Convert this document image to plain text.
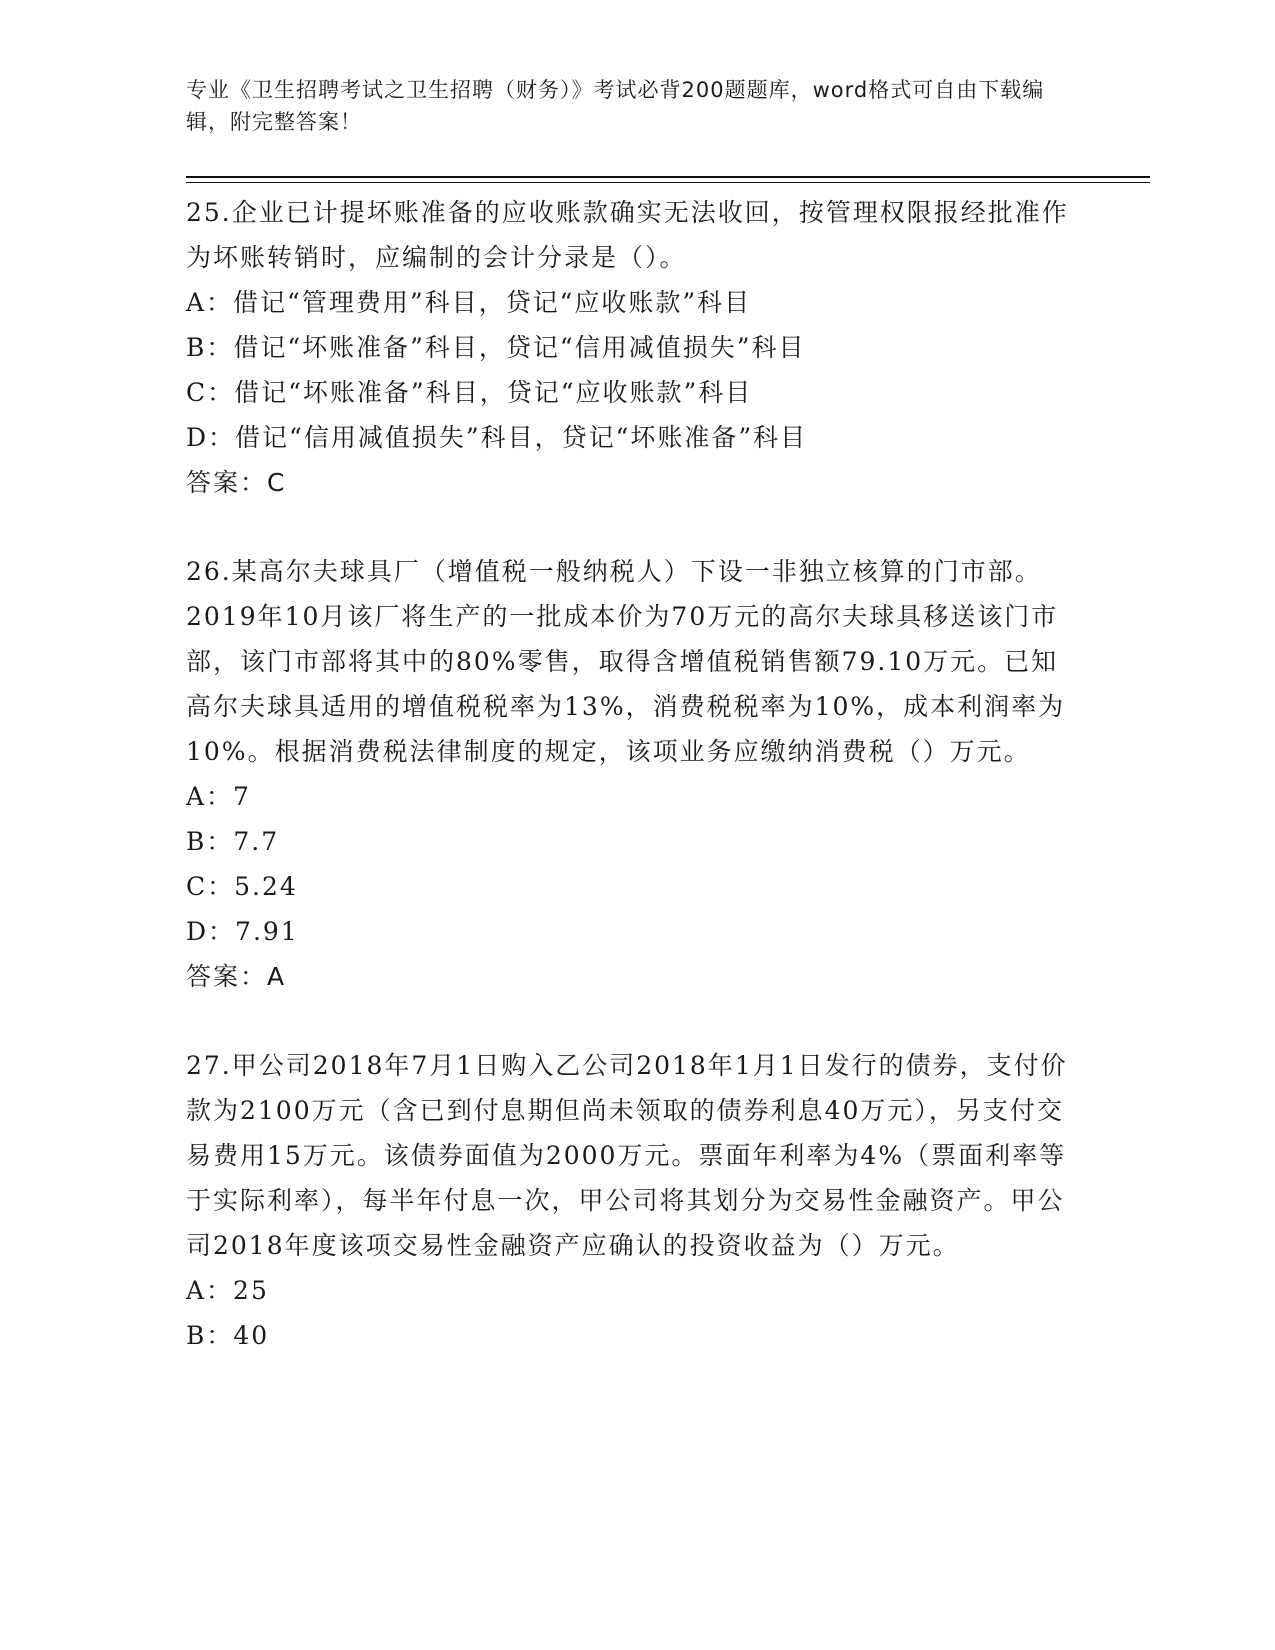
专业《卫生招聘考试之卫生招聘（财务）》考试必背200题题库，word格式可自由下载编辑，附完整答案！

25.企业已计提坏账准备的应收账款确实无法收回，按管理权限报经批准作为坏账转销时，应编制的会计分录是（）。

A：借记“管理费用”科目，贷记“应收账款”科目

B：借记“坏账准备”科目，贷记“信用减值损失”科目

C：借记“坏账准备”科目，贷记“应收账款”科目

D：借记“信用减值损失”科目，贷记“坏账准备”科目

答案：C

26.某高尔夫球具厂（增值税一般纳税人）下设一非独立核算的门市部。2019年10月该厂将生产的一批成本价为70万元的高尔夫球具移送该门市部，该门市部将其中的80%零售，取得含增值税销售额79.10万元。已知高尔夫球具适用的增值税税率为13%，消费税税率为10%，成本利润率为10%。根据消费税法律制度的规定，该项业务应缴纳消费税（）万元。

A：7

B：7.7

C：5.24

D：7.91

答案：A

27.甲公司2018年7月1日购入乙公司2018年1月1日发行的债券，支付价款为2100万元（含已到付息期但尚未领取的债券利息40万元），另支付交易费用15万元。该债券面值为2000万元。票面年利率为4%（票面利率等于实际利率），每半年付息一次，甲公司将其划分为交易性金融资产。甲公司2018年度该项交易性金融资产应确认的投资收益为（）万元。

A：25

B：40
